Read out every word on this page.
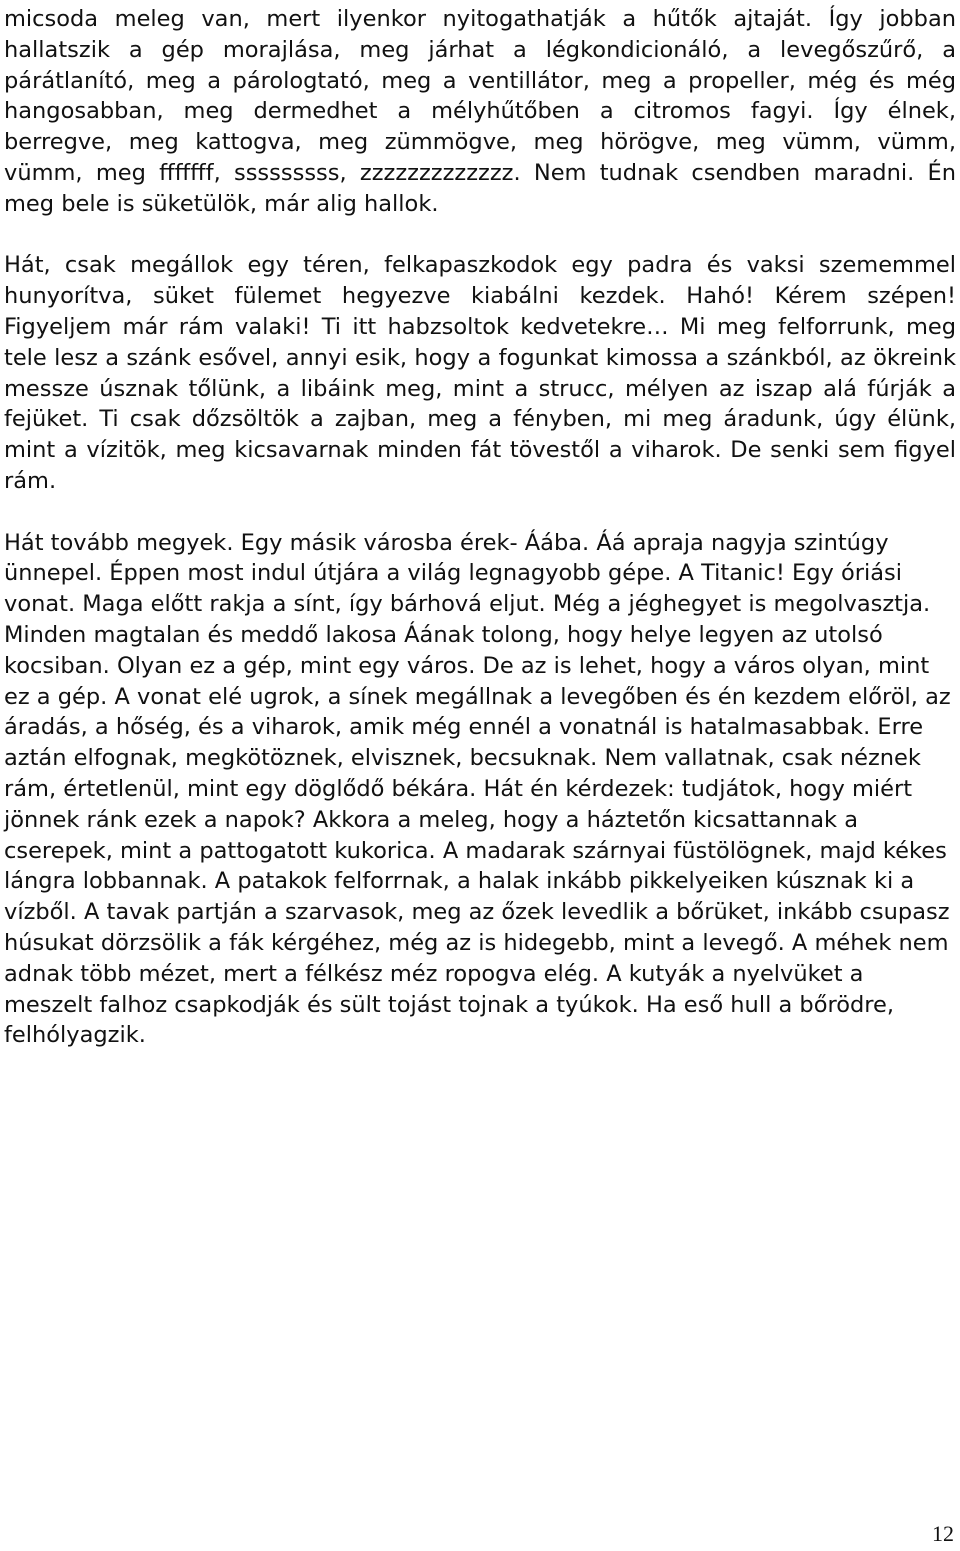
micsoda meleg van, mert ilyenkor nyitogathatják a hűtők ajtaját. Így jobban hallatszik a gép morajlása, meg járhat a légkondicionáló, a levegőszűrő, a párátlanító, meg a párologtató, meg a ventillátor, meg a propeller, még és még hangosabban, meg dermedhet a mélyhűtőben a citromos fagyi. Így élnek, berregve, meg kattogva, meg zümmögve, meg hörögve, meg vümm, vümm, vümm, meg fffffff, sssssssss, zzzzzzzzzzzzz. Nem tudnak csendben maradni. Én meg bele is süketülök, már alig hallok.

Hát, csak megállok egy téren, felkapaszkodok egy padra és vaksi szememmel hunyorítva, süket fülemet hegyezve kiabálni kezdek. Hahó! Kérem szépen! Figyeljem már rám valaki! Ti itt habzsoltok kedvetekre… Mi meg felforrunk, meg tele lesz a szánk esővel, annyi esik, hogy a fogunkat kimossa a szánkból, az ökreink messze úsznak tőlünk, a libáink meg, mint a strucc, mélyen az iszap alá fúrják a fejüket. Ti csak dőzsöltök a zajban, meg a fényben, mi meg áradunk, úgy élünk, mint a vízitök, meg kicsavarnak minden fát tövestől a viharok. De senki sem figyel rám.

Hát tovább megyek. Egy másik városba érek- Áába. Áá apraja nagyja szintúgy ünnepel. Éppen most indul útjára a világ legnagyobb gépe. A Titanic! Egy óriási vonat. Maga előtt rakja a sínt, így bárhová eljut. Még a jéghegyet is megolvasztja. Minden magtalan és meddő lakosa Áának tolong, hogy helye legyen az utolsó kocsiban. Olyan ez a gép, mint egy város. De az is lehet, hogy a város olyan, mint ez a gép. A vonat elé ugrok, a sínek megállnak a levegőben és én kezdem előröl, az áradás, a hőség, és a viharok, amik még ennél a vonatnál is hatalmasabbak. Erre aztán elfognak, megkötöznek, elvisznek, becsuknak. Nem vallatnak, csak néznek rám, értetlenül, mint egy döglődő békára. Hát én kérdezek: tudjátok, hogy miért jönnek ránk ezek a napok? Akkora a meleg, hogy a háztetőn kicsattannak a cserepek, mint a pattogatott kukorica. A madarak szárnyai füstölögnek, majd kékes lángra lobbannak. A patakok felforrnak, a halak inkább pikkelyeiken kúsznak ki a vízből. A tavak partján a szarvasok, meg az őzek levedlik a bőrüket, inkább csupasz húsukat dörzsölik a fák kérgéhez, még az is hidegebb, mint a levegő. A méhek nem adnak több mézet, mert a félkész méz ropogva elég. A kutyák a nyelvüket a meszelt falhoz csapkodják és sült tojást tojnak a tyúkok. Ha eső hull a bőrödre, felhólyagzik.

12
